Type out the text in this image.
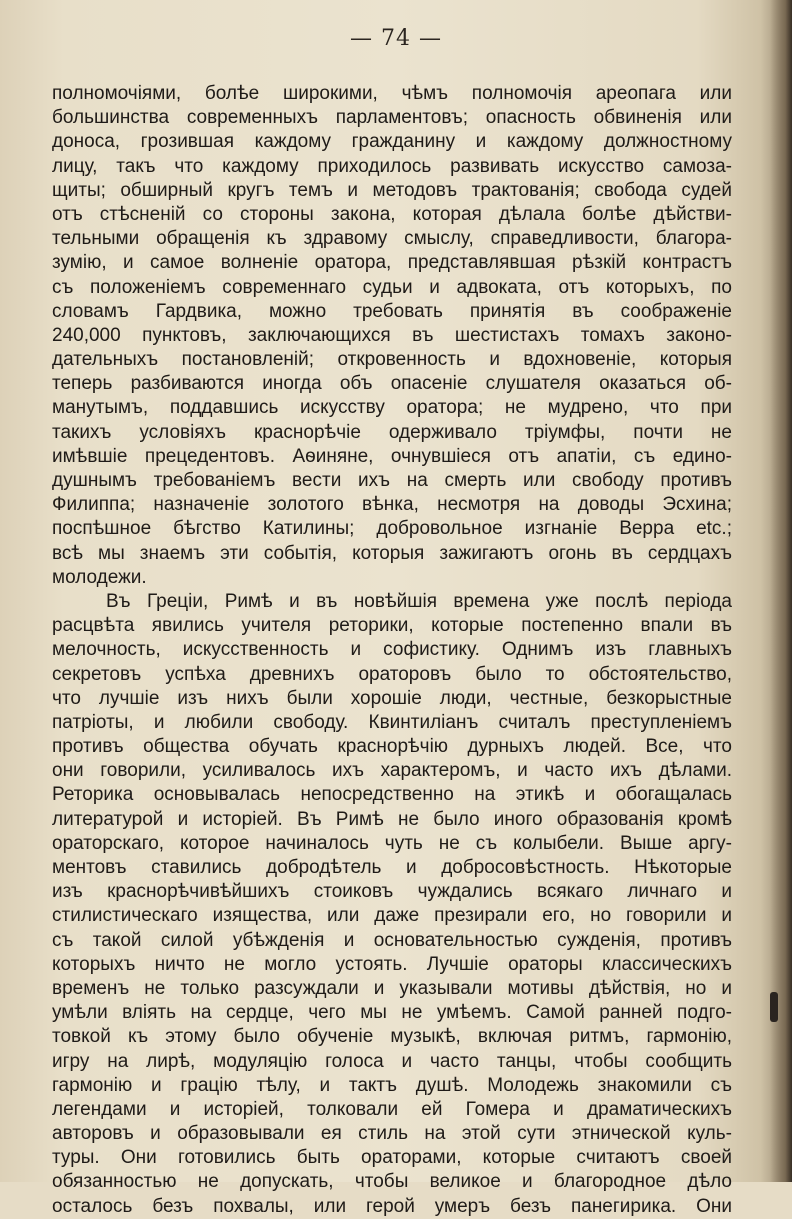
— 74 —
полномочіями, болѣе широкими, чѣмъ полномочія ареопага или
большинства современныхъ парламентовъ; опасность обвиненія или
доноса, грозившая каждому гражданину и каждому должностному
лицу, такъ что каждому приходилось развивать искусство самоза-
щиты; обширный кругъ темъ и методовъ трактованія; свобода судей
отъ стѣсненій со стороны закона, которая дѣлала болѣе дѣйстви-
тельными обращенія къ здравому смыслу, справедливости, благора-
зумію, и самое волненіе оратора, представлявшая рѣзкій контрастъ
съ положеніемъ современнаго судьи и адвоката, отъ которыхъ, по
словамъ Гардвика, можно требовать принятія въ соображеніе
240,000 пунктовъ, заключающихся въ шестистахъ томахъ законо-
дательныхъ постановленій; откровенность и вдохновеніе, которыя
теперь разбиваются иногда объ опасеніе слушателя оказаться об-
манутымъ, поддавшись искусству оратора; не мудрено, что при
такихъ условіяхъ краснорѣчіе одерживало тріумфы, почти не
имѣвшіе прецедентовъ. Аѳиняне, очнувшіеся отъ апатіи, съ едино-
душнымъ требованіемъ вести ихъ на смерть или свободу противъ
Филиппа; назначеніе золотого вѣнка, несмотря на доводы Эсхина;
поспѣшное бѣгство Катилины; добровольное изгнаніе Верра etc.;
всѣ мы знаемъ эти событія, которыя зажигаютъ огонь въ сердцахъ
молодежи.
Въ Греціи, Римѣ и въ новѣйшія времена уже послѣ періода
расцвѣта явились учителя реторики, которые постепенно впали въ
мелочность, искусственность и софистику. Однимъ изъ главныхъ
секретовъ успѣха древнихъ ораторовъ было то обстоятельство,
что лучшіе изъ нихъ были хорошіе люди, честные, безкорыстные
патріоты, и любили свободу. Квинтиліанъ считалъ преступленіемъ
противъ общества обучать краснорѣчію дурныхъ людей. Все, что
они говорили, усиливалось ихъ характеромъ, и часто ихъ дѣлами.
Реторика основывалась непосредственно на этикѣ и обогащалась
литературой и исторіей. Въ Римѣ не было иного образованія кромѣ
ораторскаго, которое начиналось чуть не съ колыбели. Выше аргу-
ментовъ ставились добродѣтель и добросовѣстность. Нѣкоторые
изъ краснорѣчивѣйшихъ стоиковъ чуждались всякаго личнаго и
стилистическаго изящества, или даже презирали его, но говорили и
съ такой силой убѣжденія и основательностью сужденія, противъ
которыхъ ничто не могло устоять. Лучшіе ораторы классическихъ
временъ не только разсуждали и указывали мотивы дѣйствія, но и
умѣли влiять на сердце, чего мы не умѣемъ. Самой ранней подго-
товкой къ этому было обученіе музыкѣ, включая ритмъ, гармонію,
игру на лирѣ, модуляцію голоса и часто танцы, чтобы сообщить
гармонію и грацію тѣлу, и тактъ душѣ. Молодежь знакомили съ
легендами и исторіей, толковали ей Гомера и драматическихъ
авторовъ и образовывали ея стиль на этой сути этнической куль-
туры. Они готовились быть ораторами, которые считаютъ своей
обязанностью не допускать, чтобы великое и благородное дѣло
осталось безъ похвалы, или герой умеръ безъ панегирика. Они
